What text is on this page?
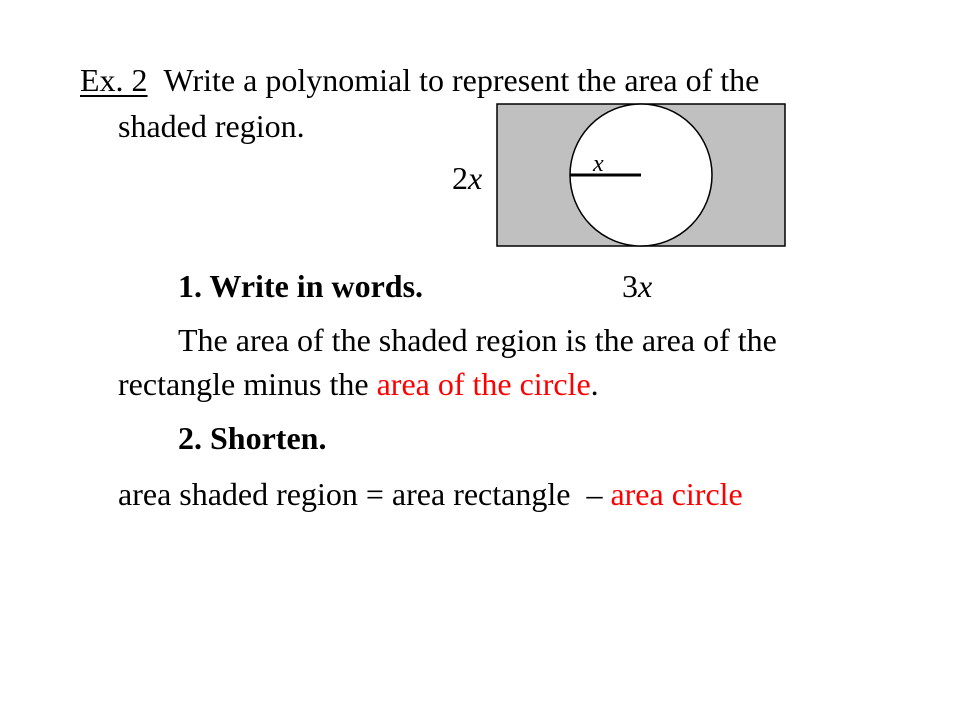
Ex. 2 Write a polynomial to represent the area of the
shaded region.
x
2x
3x
1. Write in words.
The area of the shaded region is the area of the
rectangle minus the area of the circle.
2. Shorten.
area shaded region = area rectangle  – area circle
